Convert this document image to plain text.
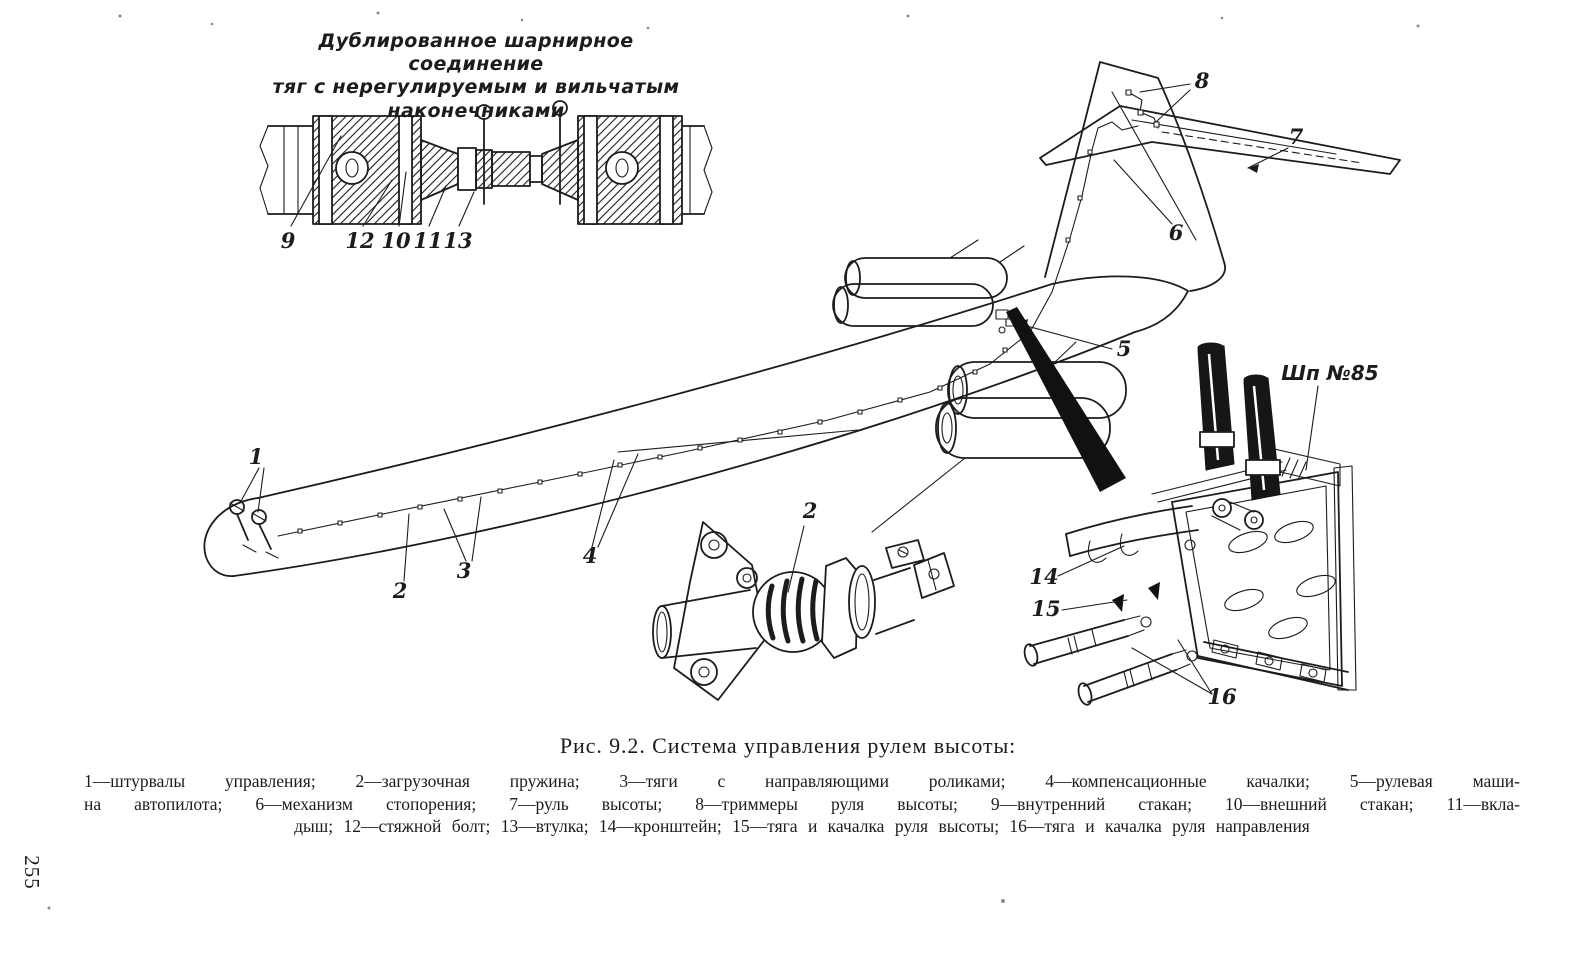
9 12 10 11 13
1
2
3
4
5
6
7
8
2
Шп №85
14
15
16
Дублированное шарнирное соединение
тяг с нерегулируемым и вильчатым
наконечниками
Рис. 9.2. Система управления рулем высоты:
1—штурвалы управления; 2—загрузочная пружина; 3—тяги с направляющими роликами; 4—компенсационные качалки; 5—рулевая маши-
на автопилота; 6—механизм стопорения; 7—руль высоты; 8—триммеры руля высоты; 9—внутренний стакан; 10—внешний стакан; 11—вкла-
дыш; 12—стяжной болт; 13—втулка; 14—кронштейн; 15—тяга и качалка руля высоты; 16—тяга и качалка руля направления
255
